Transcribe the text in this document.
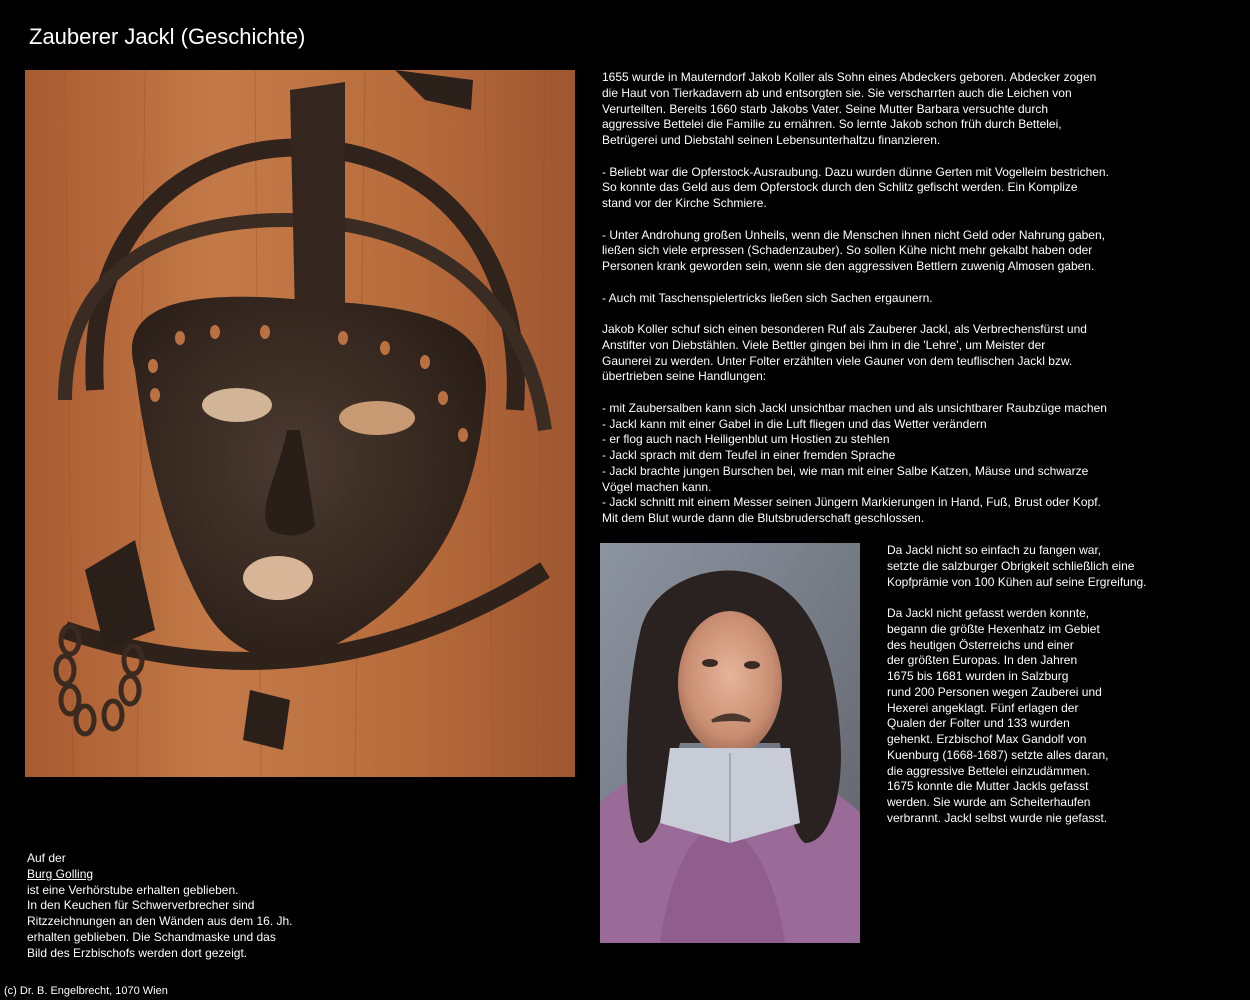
Zauberer Jackl (Geschichte)
1655 wurde in Mauterndorf Jakob Koller als Sohn eines Abdeckers geboren. Abdecker zogen
die Haut von Tierkadavern ab und entsorgten sie. Sie verscharrten auch die Leichen von
Verurteilten. Bereits 1660 starb Jakobs Vater. Seine Mutter Barbara versuchte durch
aggressive Bettelei die Familie zu ernähren. So lernte Jakob schon früh durch Bettelei,
Betrügerei und Diebstahl seinen Lebensunterhaltzu finanzieren.
- Beliebt war die Opferstock-Ausraubung. Dazu wurden dünne Gerten mit Vogelleim bestrichen.
So konnte das Geld aus dem Opferstock durch den Schlitz gefischt werden. Ein Komplize
stand vor der Kirche Schmiere.
- Unter Androhung großen Unheils, wenn die Menschen ihnen nicht Geld oder Nahrung gaben,
ließen sich viele erpressen (Schadenzauber). So sollen Kühe nicht mehr gekalbt haben oder
Personen krank geworden sein, wenn sie den aggressiven Bettlern zuwenig Almosen gaben.
- Auch mit Taschenspielertricks ließen sich Sachen ergaunern.
Jakob Koller schuf sich einen besonderen Ruf als Zauberer Jackl, als Verbrechensfürst und
Anstifter von Diebstählen. Viele Bettler gingen bei ihm in die 'Lehre', um Meister der
Gaunerei zu werden. Unter Folter erzählten viele Gauner von dem teuflischen Jackl bzw.
übertrieben seine Handlungen:
- mit Zaubersalben kann sich Jackl unsichtbar machen und als unsichtbarer Raubzüge machen
- Jackl kann mit einer Gabel in die Luft fliegen und das Wetter verändern
- er flog auch nach Heiligenblut um Hostien zu stehlen
- Jackl sprach mit dem Teufel in einer fremden Sprache
- Jackl brachte jungen Burschen bei, wie man mit einer Salbe Katzen, Mäuse und schwarze
Vögel machen kann.
- Jackl schnitt mit einem Messer seinen Jüngern Markierungen in Hand, Fuß, Brust oder Kopf.
Mit dem Blut wurde dann die Blutsbruderschaft geschlossen.
Da Jackl nicht so einfach zu fangen war,
setzte die salzburger Obrigkeit schließlich eine
Kopfprämie von 100 Kühen auf seine Ergreifung.
Da Jackl nicht gefasst werden konnte,
begann die größte Hexenhatz im Gebiet
des heutigen Österreichs und einer
der größten Europas. In den Jahren
1675 bis 1681 wurden in Salzburg
rund 200 Personen wegen Zauberei und
Hexerei angeklagt. Fünf erlagen der
Qualen der Folter und 133 wurden
gehenkt. Erzbischof Max Gandolf von
Kuenburg (1668-1687) setzte alles daran,
die aggressive Bettelei einzudämmen.
1675 konnte die Mutter Jackls gefasst
werden. Sie wurde am Scheiterhaufen
verbrannt. Jackl selbst wurde nie gefasst.
Auf der
Burg Golling
ist eine Verhörstube erhalten geblieben.
In den Keuchen für Schwerverbrecher sind
Ritzzeichnungen an den Wänden aus dem 16. Jh.
erhalten geblieben. Die Schandmaske und das
Bild des Erzbischofs werden dort gezeigt.
(c) Dr. B. Engelbrecht, 1070 Wien
